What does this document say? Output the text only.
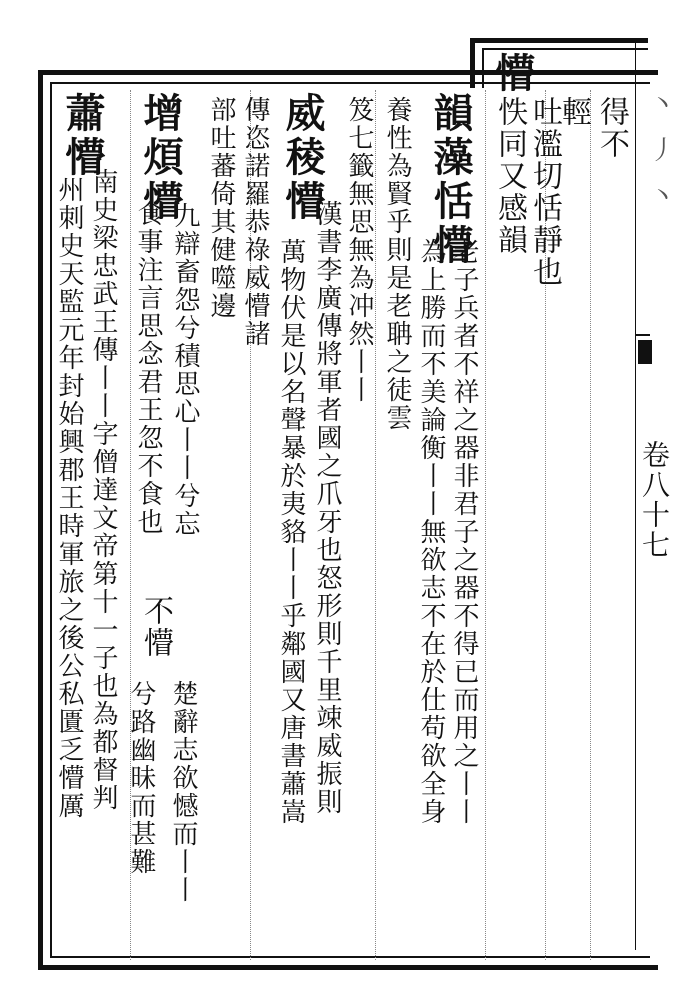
卷八十七
丶丿丶
懵
得不
輕
吐濫切恬靜也
怢同又感韻
韻藻恬懵
老子兵者不祥之器非君子之器不得已而用之丨丨
為上勝而不美論衡丨丨無欲志不在於仕苟欲全身
養性為賢乎則是老聃之徒雲
笈七籤無思無為冲然丨丨
威稜懵
漢書李廣傳將軍者國之爪牙也怒形則千里竦威振則
萬物伏是以名聲暴於夷貉丨丨乎鄰國又唐書蕭嵩
傳恣諾羅恭祿威懵諸
部吐蕃倚其健噬邊
增煩懵
九辯畜怨兮積思心丨丨兮忘
食事注言思念君王忽不食也
不懵
楚辭志欲憾而丨丨
兮路幽昧而甚難
蕭懵
南史梁忠武王傳丨丨字僧達文帝第十一子也為都督判
州刺史天監元年封始興郡王時軍旅之後公私匱乏懵厲
